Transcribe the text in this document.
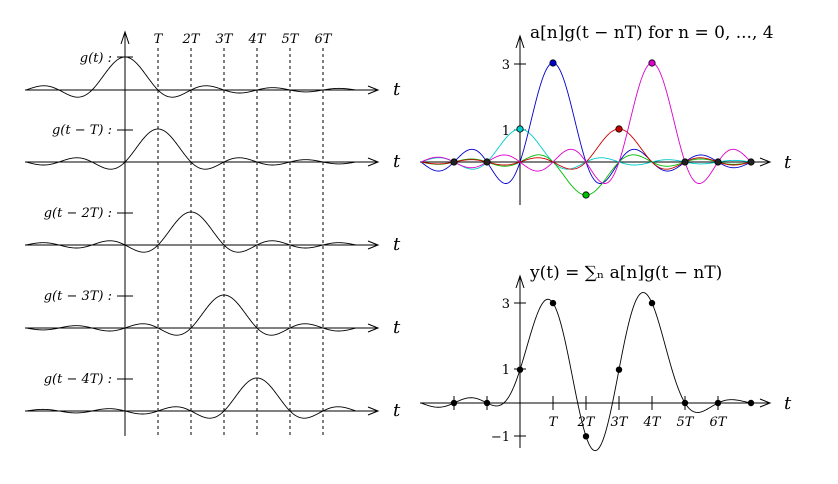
T 2T 3T 4T 5T 6T
t
g(t) :
t
g(t − T) :
t
g(t − 2T) :
t
g(t − 3T) :
t
g(t − 4T) :
a[n]g(t − nT) for n = 0, ..., 4
t
3
1
y(t) = ∑ₙ a[n]g(t − nT)
t
3
1
−1
T 2T 3T 4T 5T 6T
